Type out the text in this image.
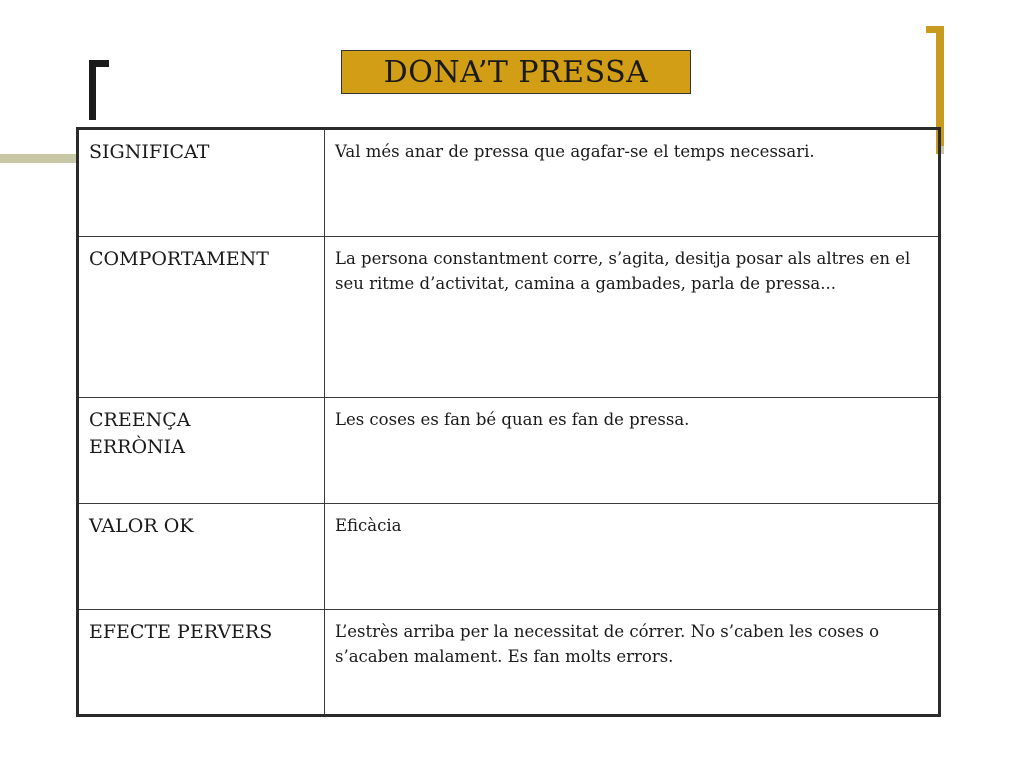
DONA’T PRESSA
SIGNIFICAT	Val més anar de pressa que agafar-se el temps necessari.
COMPORTAMENT	La persona constantment corre, s’agita, desitja posar als altres en el seu ritme d’activitat, camina a gambades, parla de pressa...
CREENÇA ERRÒNIA	Les coses es fan bé quan es fan de pressa.
VALOR OK	Eficàcia
EFECTE PERVERS	L’estrès arriba per la necessitat de córrer. No s’caben les coses o s’acaben malament. Es fan molts errors.
